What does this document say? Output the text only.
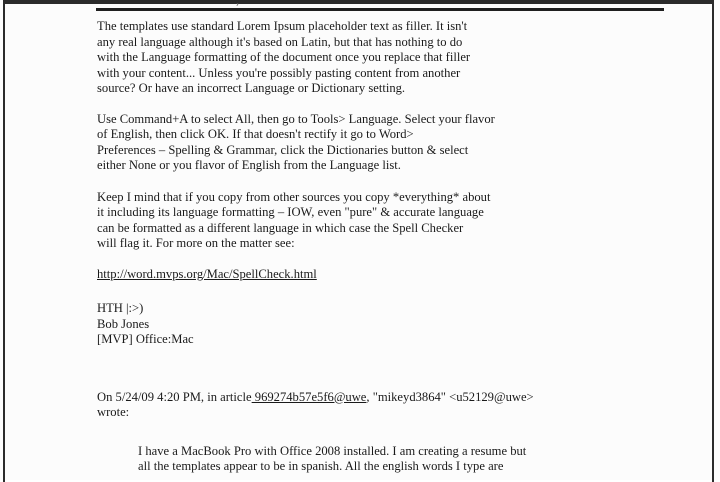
,

The templates use standard Lorem Ipsum placeholder text as filler. It isn't
any real language although it's based on Latin, but that has nothing to do
with the Language formatting of the document once you replace that filler
with your content... Unless you're possibly pasting content from another
source? Or have an incorrect Language or Dictionary setting.

Use Command+A to select All, then go to Tools> Language. Select your flavor
of English, then click OK. If that doesn't rectify it go to Word>
Preferences – Spelling & Grammar, click the Dictionaries button & select
either None or you flavor of English from the Language list.

Keep I mind that if you copy from other sources you copy *everything* about
it including its language formatting – IOW, even "pure" & accurate language
can be formatted as a different language in which case the Spell Checker
will flag it. For more on the matter see:

http://word.mvps.org/Mac/SpellCheck.html

HTH |:>)
Bob Jones
[MVP] Office:Mac

On 5/24/09 4:20 PM, in article 969274b57e5f6@uwe, "mikeyd3864" <u52129@uwe>
wrote:

I have a MacBook Pro with Office 2008 installed. I am creating a resume but
all the templates appear to be in spanish. All the english words I type are
